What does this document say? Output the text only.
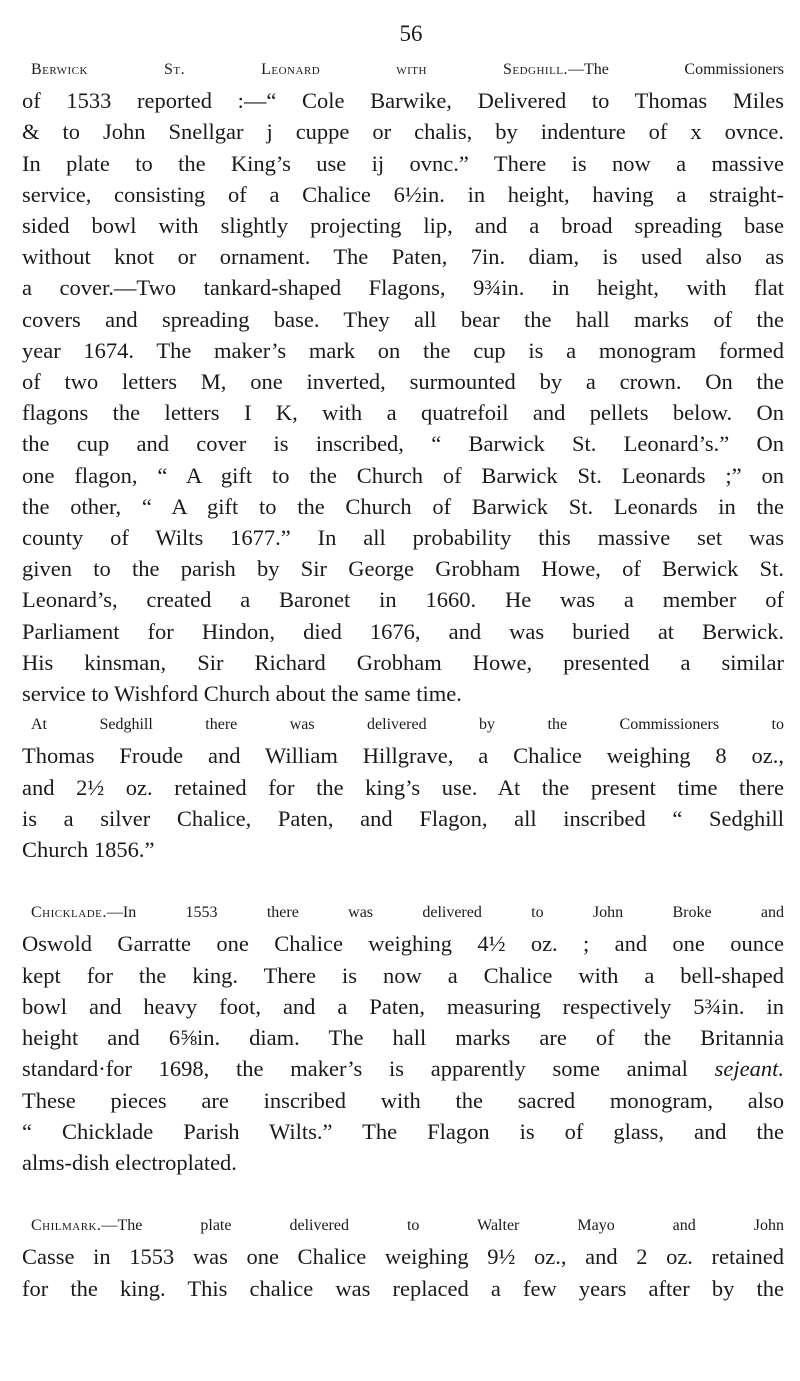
56
Berwick St. Leonard with Sedghill.—The Commissioners
of 1533 reported :—“ Cole Barwike, Delivered to Thomas Miles
& to John Snellgar j cuppe or chalis, by indenture of x ovnce.
In plate to the King’s use ij ovnc.” There is now a massive
service, consisting of a Chalice 6½in. in height, having a straight-
sided bowl with slightly projecting lip, and a broad spreading base
without knot or ornament. The Paten, 7in. diam, is used also as
a cover.—Two tankard-shaped Flagons, 9¾in. in height, with flat
covers and spreading base. They all bear the hall marks of the
year 1674. The maker’s mark on the cup is a monogram formed
of two letters M, one inverted, surmounted by a crown. On the
flagons the letters I K, with a quatrefoil and pellets below. On
the cup and cover is inscribed, “ Barwick St. Leonard’s.” On
one flagon, “ A gift to the Church of Barwick St. Leonards ;” on
the other, “ A gift to the Church of Barwick St. Leonards in the
county of Wilts 1677.” In all probability this massive set was
given to the parish by Sir George Grobham Howe, of Berwick St.
Leonard’s, created a Baronet in 1660. He was a member of
Parliament for Hindon, died 1676, and was buried at Berwick.
His kinsman, Sir Richard Grobham Howe, presented a similar
service to Wishford Church about the same time.
At Sedghill there was delivered by the Commissioners to
Thomas Froude and William Hillgrave, a Chalice weighing 8 oz.,
and 2½ oz. retained for the king’s use. At the present time there
is a silver Chalice, Paten, and Flagon, all inscribed “ Sedghill
Church 1856.”
Chicklade.—In 1553 there was delivered to John Broke and
Oswold Garratte one Chalice weighing 4½ oz. ; and one ounce
kept for the king. There is now a Chalice with a bell-shaped
bowl and heavy foot, and a Paten, measuring respectively 5¾in. in
height and 6⅝in. diam. The hall marks are of the Britannia
standard·for 1698, the maker’s is apparently some animal sejeant.
These pieces are inscribed with the sacred monogram, also
“ Chicklade Parish Wilts.” The Flagon is of glass, and the
alms-dish electroplated.
Chilmark.—The plate delivered to Walter Mayo and John
Casse in 1553 was one Chalice weighing 9½ oz., and 2 oz. retained
for the king. This chalice was replaced a few years after by the
